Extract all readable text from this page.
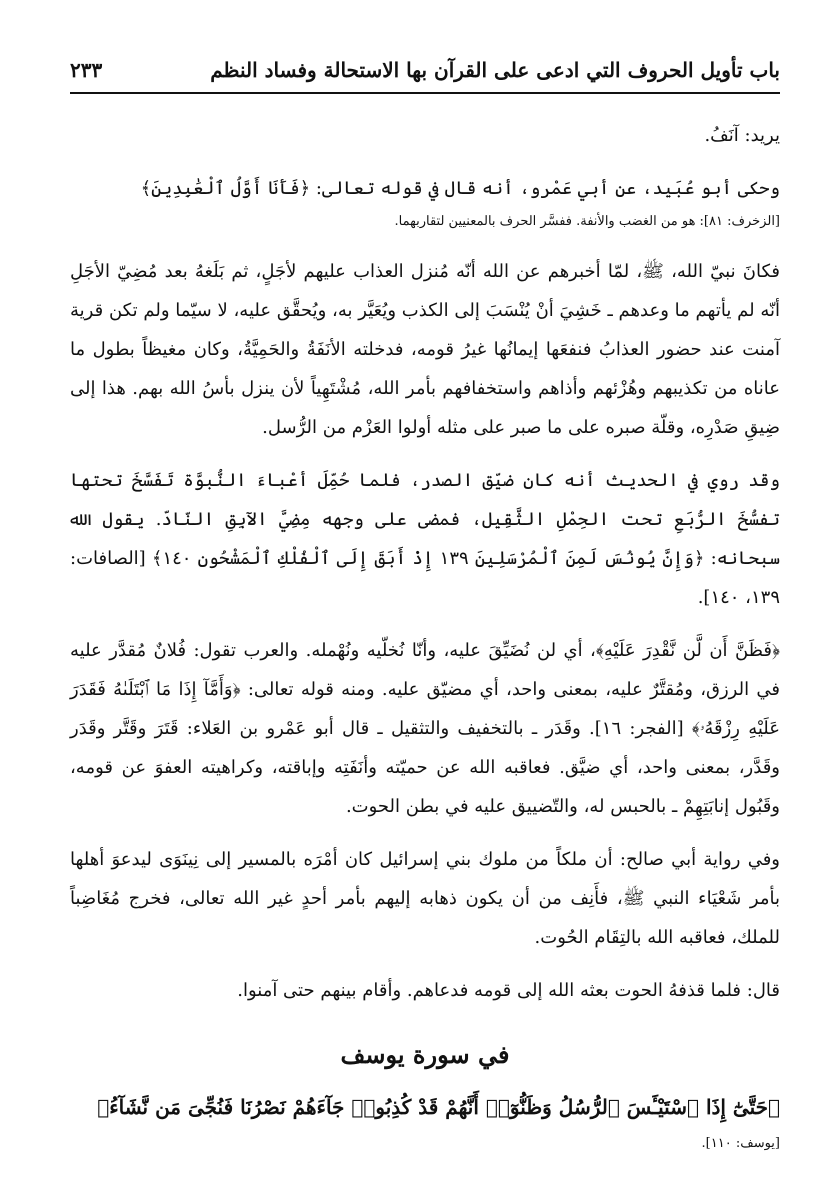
باب تأويل الحروف التي ادعى على القرآن بها الاستحالة وفساد النظم
٢٣٣

يريد: آنَفُ.

وحكى أبو عُبَيد، عن أبي عَمْرو، أنه قال في قوله تعالى: ﴿فَأَنَا أَوَّلُ ٱلْعَٰبِدِينَ﴾

[الزخرف: ٨١]: هو من الغضب والأنفة. ففسَّر الحرف بالمعنيين لتقاربهما.

فكانَ نبيّ الله، ﷺ، لمّا أخبرهم عن الله أنّه مُنزل العذاب عليهم لأجَلٍ، ثم بَلَغهُ بعد مُضِيّ الأجَلِ أنّه لم يأتهم ما وعدهم ـ خَشِيَ أنْ يُنْسَبَ إلى الكذب ويُعَيَّر به، ويُحقَّق عليه، لا سيّما ولم تكن قرية آمنت عند حضور العذابُ فنفعَها إيمانُها غيرُ قومه، فدخلته الأنَفَةُ والحَمِيَّةُ، وكان مغيظاً بطول ما عاناه من تكذيبهم وهُزْئهم وأذاهم واستخفافهم بأمر الله، مُشْتَهِياً لأن ينزل بأسُ الله بهم. هذا إلى ضِيقِ صَدْرِه، وقلّة صبره على ما صبر على مثله أولوا العَزْم من الرُّسل.

وقد روي في الحديث أنه كان ضيّق الصدر، فلما حُمِّلَ أعْباءَ النُّبوَّة تَفَسَّخَ تحتها تفسُّخَ الرُّبَعِ تحت الحِمْلِ الثَّقِيل، فمضى على وجهه مِضِيَّ الآبِقِ النّادّ. يقول الله سبحانه: ﴿وَإِنَّ يُونُسَ لَمِنَ ٱلْمُرْسَلِينَ ١٣٩ إِذْ أَبَقَ إِلَى ٱلْفُلْكِ ٱلْمَشْحُونِ ١٤٠﴾ [الصافات: ١٣٩، ١٤٠].

﴿فَظَنَّ أَن لَّن نَّقْدِرَ عَلَيْهِ﴾، أي لن نُضَيِّقَ عليه، وأنّا نُخلّيه ونُهْمله. والعرب تقول: فُلانٌ مُقدَّر عليه في الرزق، ومُقتَّرٌ عليه، بمعنى واحد، أي مضيّق عليه. ومنه قوله تعالى: ﴿وَأَمَّآ إِذَا مَا ٱبْتَلَىٰهُ فَقَدَرَ عَلَيْهِ رِزْقَهُۥ﴾ [الفجر: ١٦]. وقَدَر ـ بالتخفيف والتثقيل ـ قال أبو عَمْرو بن العَلاء: قَتَرَ وقَتَّر وقَدَر وقَدَّر، بمعنى واحد، أي ضيَّق. فعاقبه الله عن حميّته وأنَفَتِه وإباقته، وكراهيته العفوَ عن قومه، وقَبُول إنابَتِهِمْ ـ بالحبس له، والتّضييق عليه في بطن الحوت.

وفي رواية أبي صالح: أن ملكاً من ملوك بني إسرائيل كان أمْرَه بالمسير إلى نِينَوَى ليدعوَ أهلها بأمر شَعْيَاء النبي ﷺ، فأَنِف من أن يكون ذهابه إليهم بأمر أحدٍ غير الله تعالى، فخرج مُغَاضِباً للملك، فعاقبه الله بالتِقَام الحُوت.

قال: فلما قذفهُ الحوت بعثه الله إلى قومه فدعاهم. وأقام بينهم حتى آمنوا.

في سورة يوسف

﴿حَتَّىٰٓ إِذَا ٱسْتَيْـَٔسَ ٱلرُّسُلُ وَظَنُّوٓا۟ أَنَّهُمْ قَدْ كُذِبُوا۟ جَآءَهُمْ نَصْرُنَا فَنُجِّىَ مَن نَّشَآءُ﴾

[يوسف: ١١٠].
